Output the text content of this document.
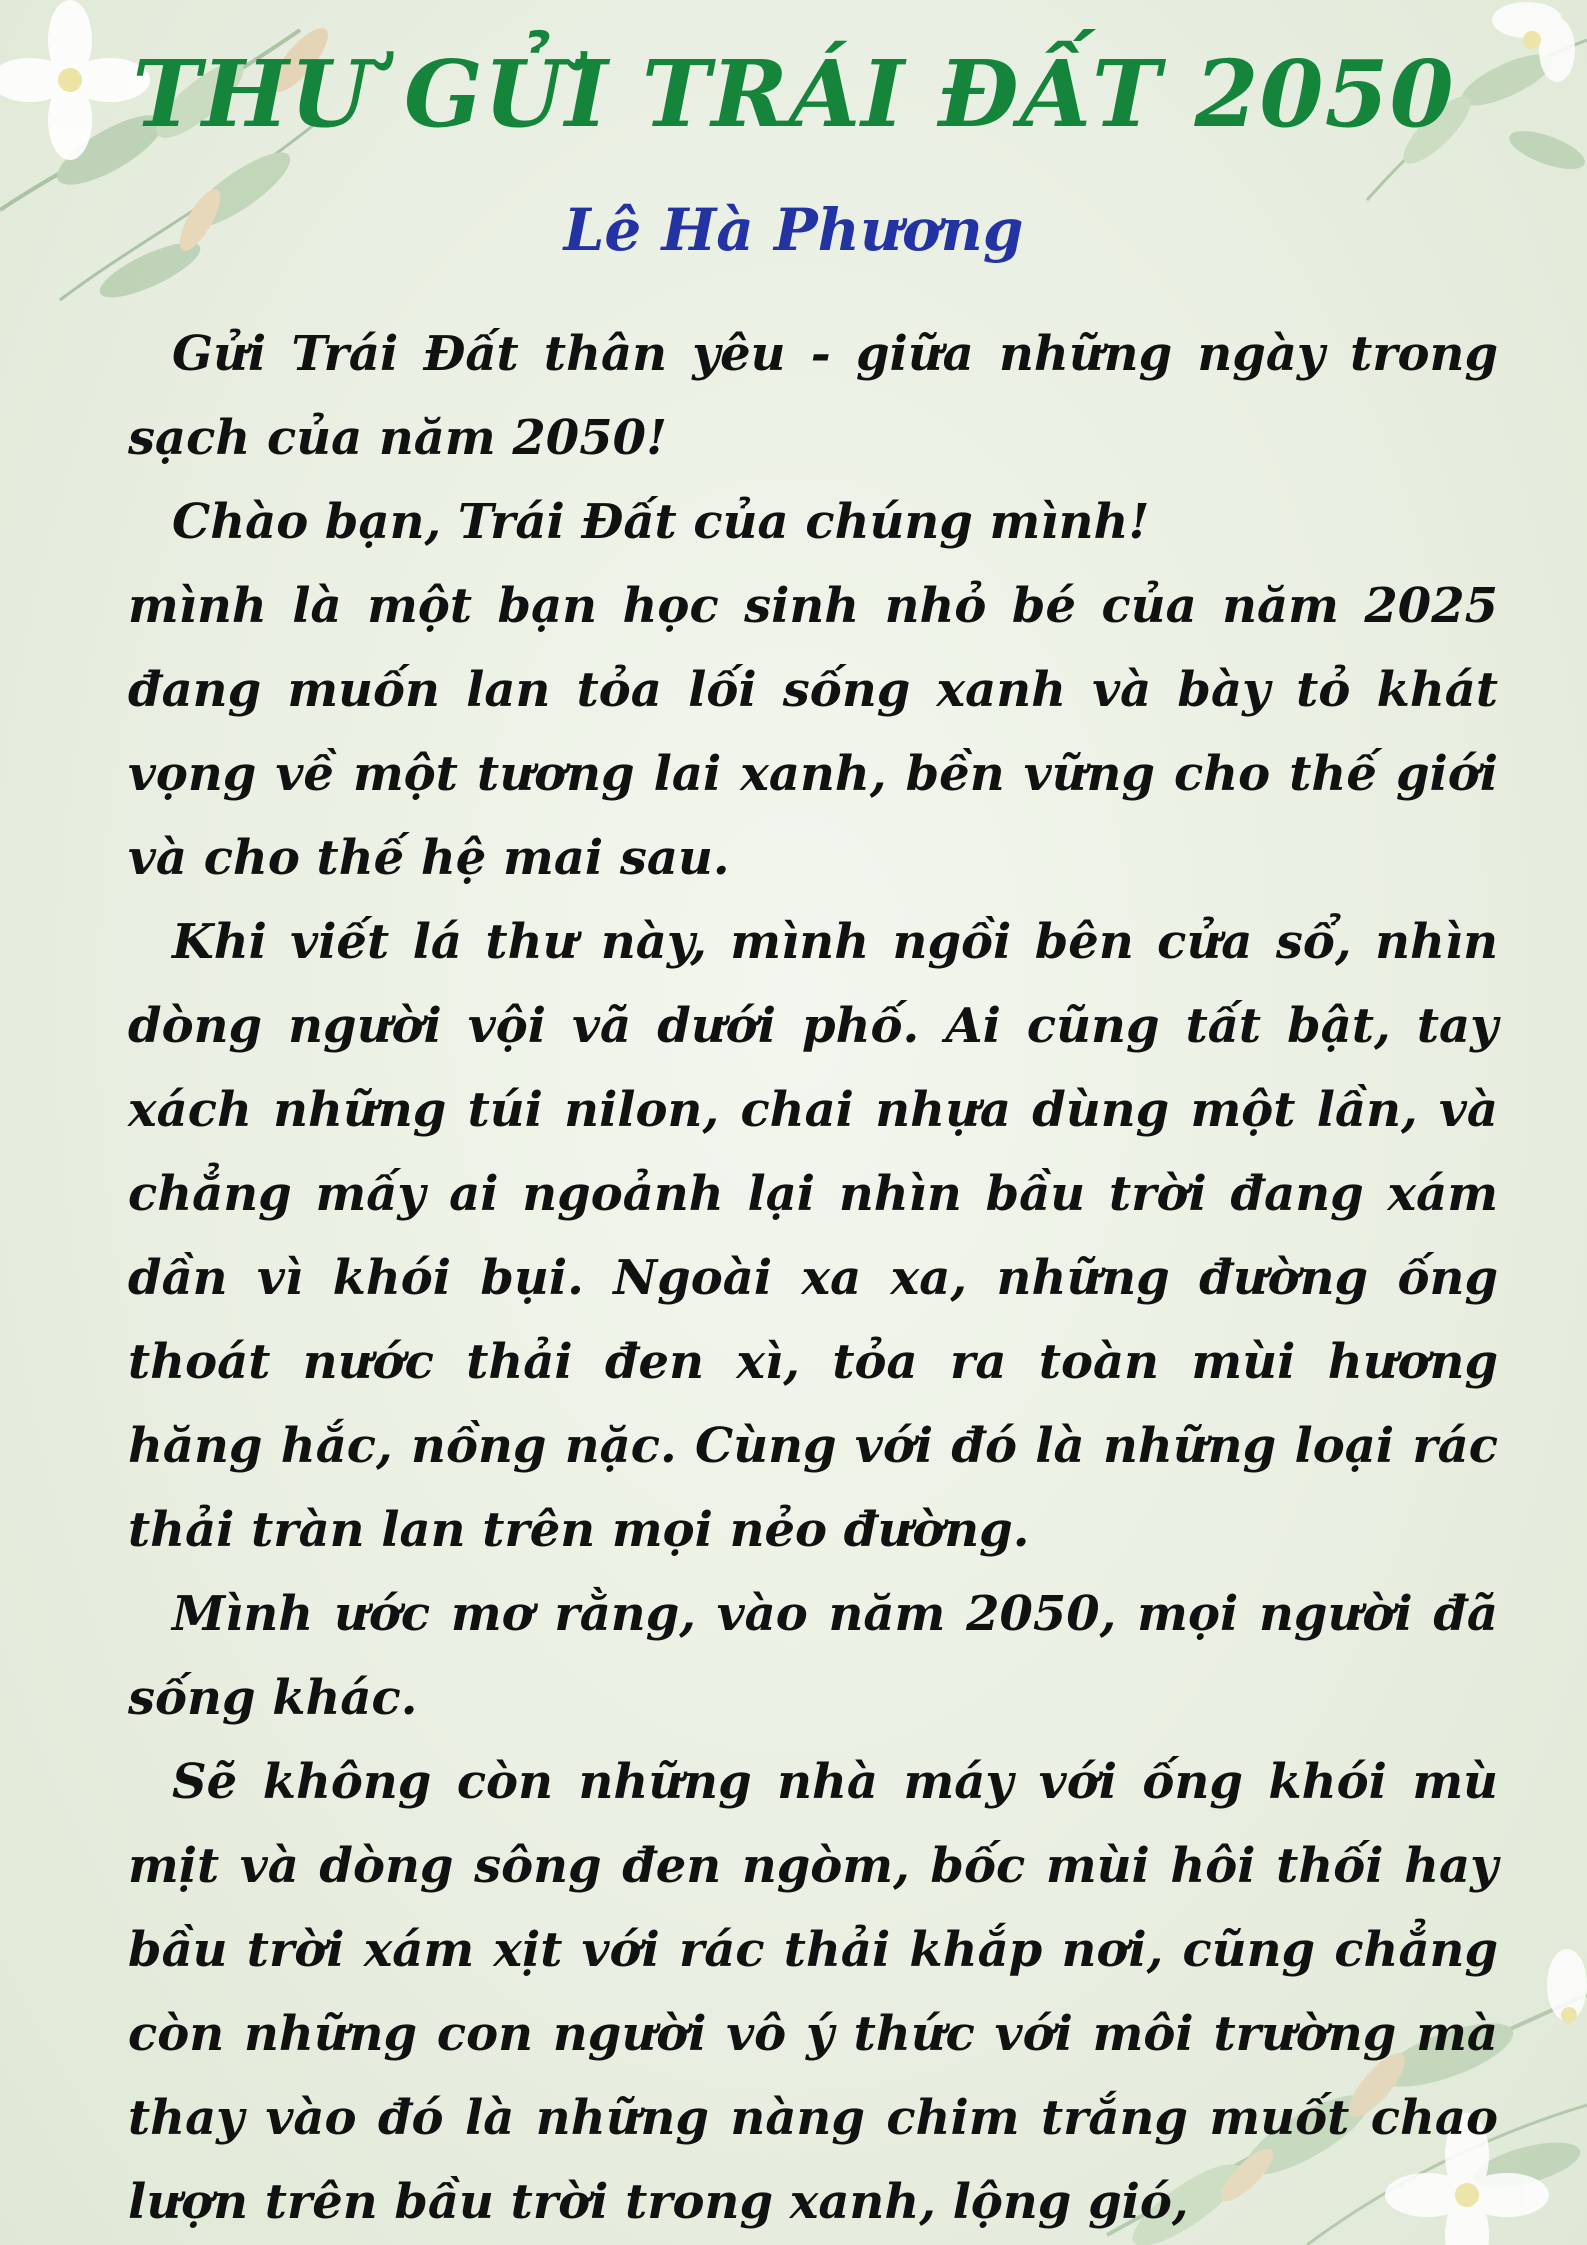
THƯ GỬI TRÁI ĐẤT 2050
Lê Hà Phương

Gửi Trái Đất thân yêu - giữa những ngày trong sạch của năm 2050!

Chào bạn, Trái Đất của chúng mình!

mình là một bạn học sinh nhỏ bé của năm 2025 đang muốn lan tỏa lối sống xanh và bày tỏ khát vọng về một tương lai xanh, bền vững cho thế giới và cho thế hệ mai sau.

Khi viết lá thư này, mình ngồi bên cửa sổ, nhìn dòng người vội vã dưới phố. Ai cũng tất bật, tay xách những túi nilon, chai nhựa dùng một lần, và chẳng mấy ai ngoảnh lại nhìn bầu trời đang xám dần vì khói bụi. Ngoài xa xa, những đường ống thoát nước thải đen xì, tỏa ra toàn mùi hương hăng hắc, nồng nặc. Cùng với đó là những loại rác thải tràn lan trên mọi nẻo đường.

Mình ước mơ rằng, vào năm 2050, mọi người đã sống khác.

Sẽ không còn những nhà máy với ống khói mù mịt và dòng sông đen ngòm, bốc mùi hôi thối hay bầu trời xám xịt với rác thải khắp nơi, cũng chẳng còn những con người vô ý thức với môi trường mà thay vào đó là những nàng chim trắng muốt chao lượn trên bầu trời trong xanh, lộng gió,
